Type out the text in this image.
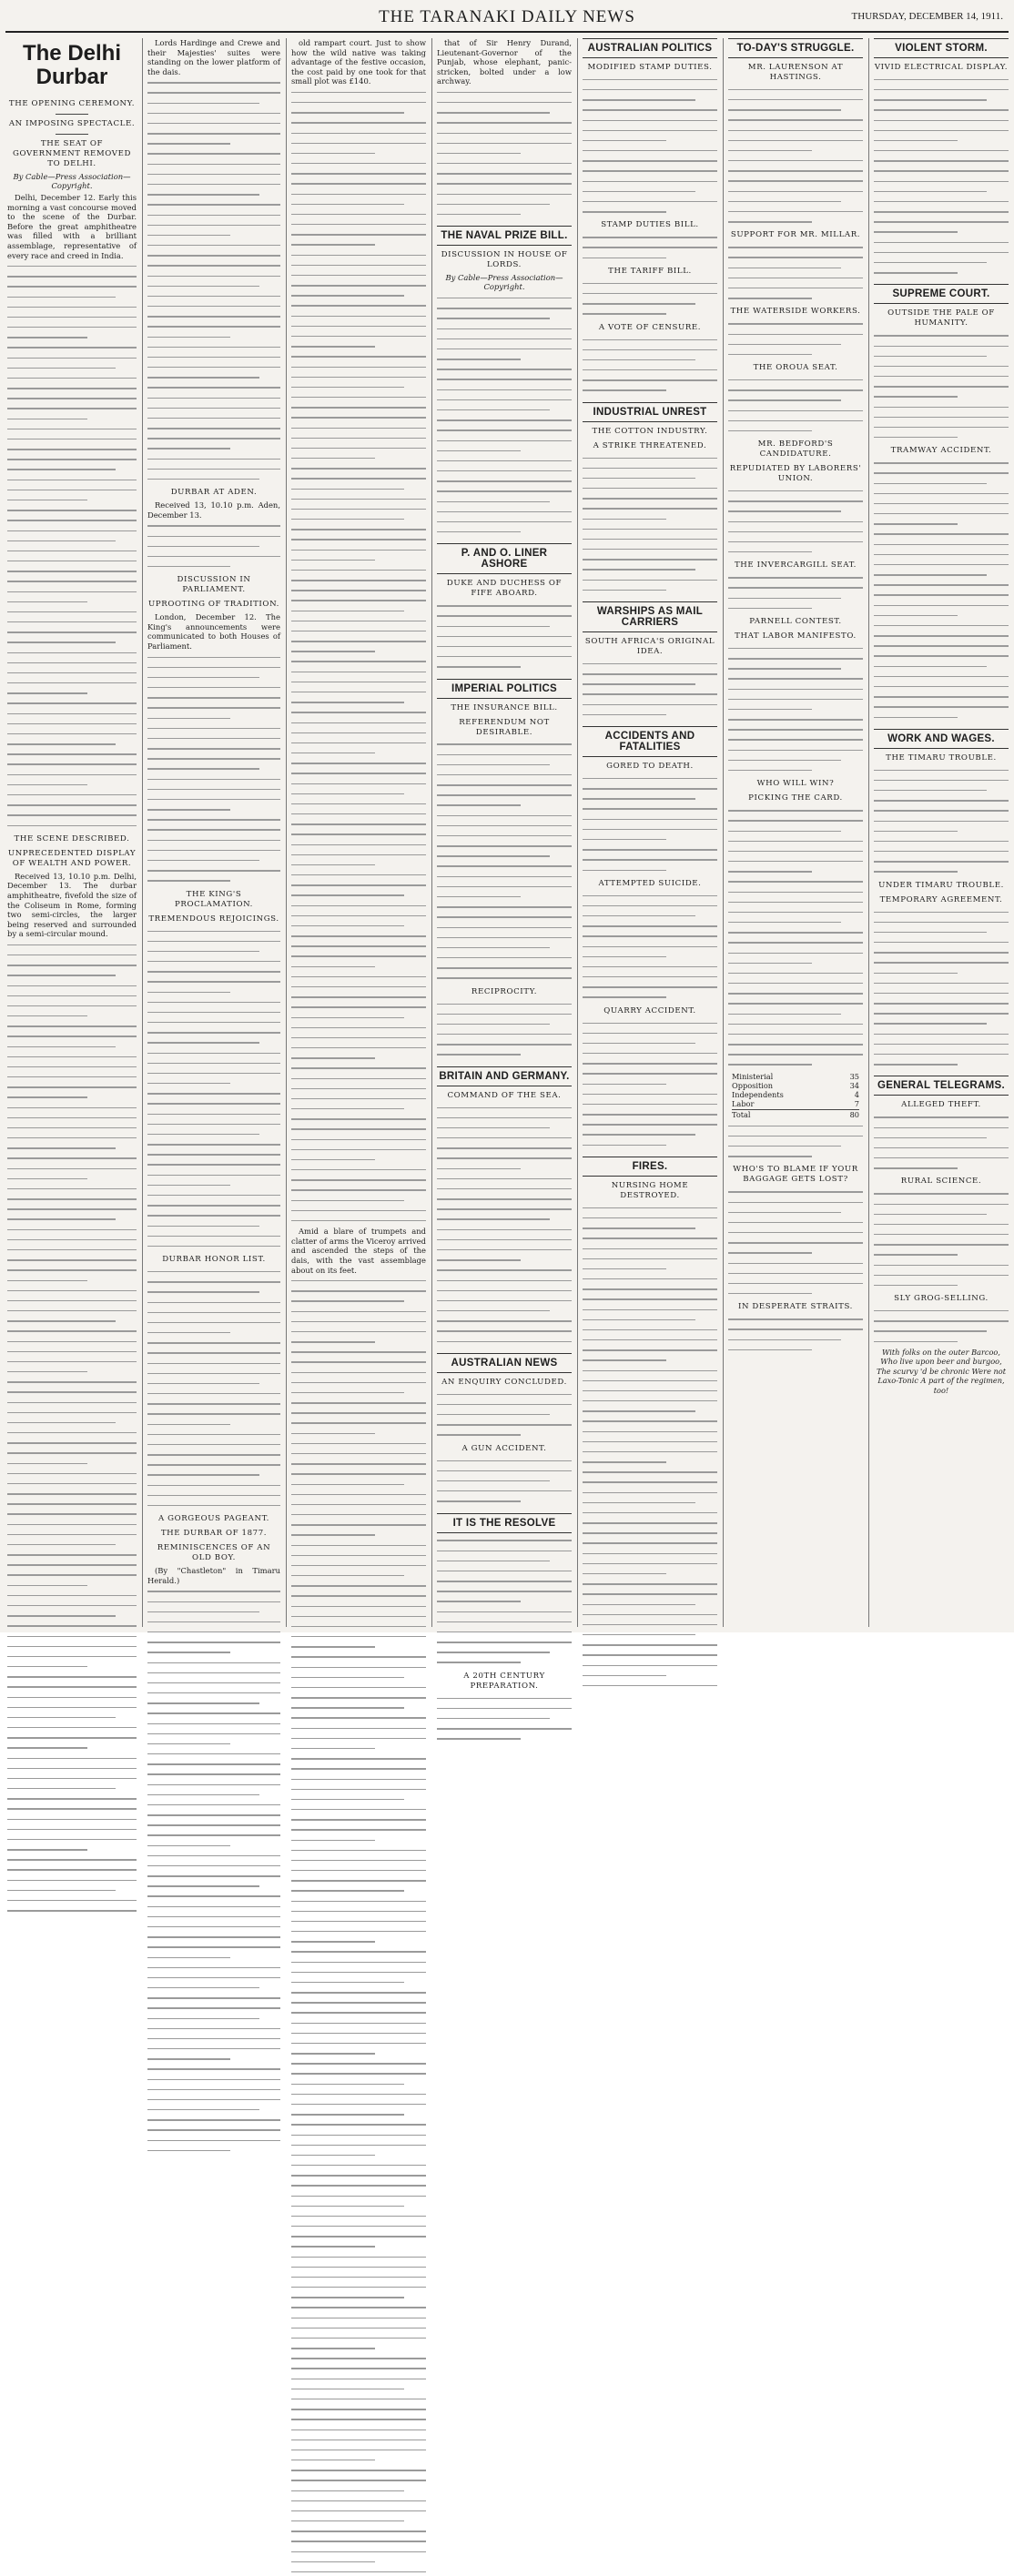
THE TARANAKI DAILY NEWS	THURSDAY, DECEMBER 14, 1911.
The Delhi Durbar
THE OPENING CEREMONY.
AN IMPOSING SPECTACLE.
THE SEAT OF GOVERNMENT REMOVED TO DELHI.
By Cable—Press Association—Copyright.

Delhi, December 12. Early this morning a vast concourse moved to the scene of the Durbar. Before the great amphitheatre was filled with a brilliant assemblage, representative of every race and creed in India.

THE SCENE DESCRIBED.
UNPRECEDENTED DISPLAY OF WEALTH AND POWER.

Received 13, 10.10 p.m. Delhi, December 13. The durbar amphitheatre, fivefold the size of the Coliseum in Rome, forming two semi-circles, the larger being reserved and surrounded by a semi-circular mound.

Lords Hardinge and Crewe and their Majesties' suites were standing on the lower platform of the dais.

DURBAR AT ADEN.

Received 13, 10.10 p.m. Aden, December 13.

DISCUSSION IN PARLIAMENT.
UPROOTING OF TRADITION.

London, December 12. The King's announcements were communicated to both Houses of Parliament.

THE KING'S PROCLAMATION.
TREMENDOUS REJOICINGS.
DURBAR HONOR LIST.
A GORGEOUS PAGEANT.
THE DURBAR OF 1877.
REMINISCENCES OF AN OLD BOY.

(By "Chastleton" in Timaru Herald.)

old rampart court. Just to show how the wild native was taking advantage of the festive occasion, the cost paid by one took for that small plot was £140.

Amid a blare of trumpets and clatter of arms the Viceroy arrived and ascended the steps of the dais, with the vast assemblage about on its feet.

that of Sir Henry Durand, Lieutenant-Governor of the Punjab, whose elephant, panic-stricken, bolted under a low archway.

THE NAVAL PRIZE BILL.
DISCUSSION IN HOUSE OF LORDS.
By Cable—Press Association—Copyright.
P. AND O. LINER ASHORE
DUKE AND DUCHESS OF FIFE ABOARD.
IMPERIAL POLITICS
THE INSURANCE BILL.
REFERENDUM NOT DESIRABLE.
RECIPROCITY.
BRITAIN AND GERMANY.
COMMAND OF THE SEA.
AUSTRALIAN NEWS
AN ENQUIRY CONCLUDED.
A GUN ACCIDENT.
IT IS THE RESOLVE
A 20TH CENTURY PREPARATION.
AUSTRALIAN POLITICS
MODIFIED STAMP DUTIES.
STAMP DUTIES BILL.
THE TARIFF BILL.
A VOTE OF CENSURE.
INDUSTRIAL UNREST
THE COTTON INDUSTRY.
A STRIKE THREATENED.
WARSHIPS AS MAIL CARRIERS
SOUTH AFRICA'S ORIGINAL IDEA.
ACCIDENTS AND FATALITIES
GORED TO DEATH.
ATTEMPTED SUICIDE.
QUARRY ACCIDENT.
FIRES.
NURSING HOME DESTROYED.
TO-DAY'S STRUGGLE.
MR. LAURENSON AT HASTINGS.
SUPPORT FOR MR. MILLAR.
THE WATERSIDE WORKERS.
THE OROUA SEAT.
MR. BEDFORD'S CANDIDATURE.
REPUDIATED BY LABORERS' UNION.
THE INVERCARGILL SEAT.
PARNELL CONTEST.
THAT LABOR MANIFESTO.
WHO WILL WIN?
PICKING THE CARD.
Ministerial	35
Opposition	34
Independents	4
Labor	7
Total	80
WHO'S TO BLAME IF YOUR BAGGAGE GETS LOST?
IN DESPERATE STRAITS.
VIOLENT STORM.
VIVID ELECTRICAL DISPLAY.
SUPREME COURT.
OUTSIDE THE PALE OF HUMANITY.
TRAMWAY ACCIDENT.
WORK AND WAGES.
THE TIMARU TROUBLE.
UNDER TIMARU TROUBLE.
TEMPORARY AGREEMENT.
GENERAL TELEGRAMS.
ALLEGED THEFT.
RURAL SCIENCE.
SLY GROG-SELLING.
With folks on the outer Barcoo, Who live upon beer and burgoo, The scurvy 'd be chronic Were not Laxo-Tonic A part of the regimen, too!
